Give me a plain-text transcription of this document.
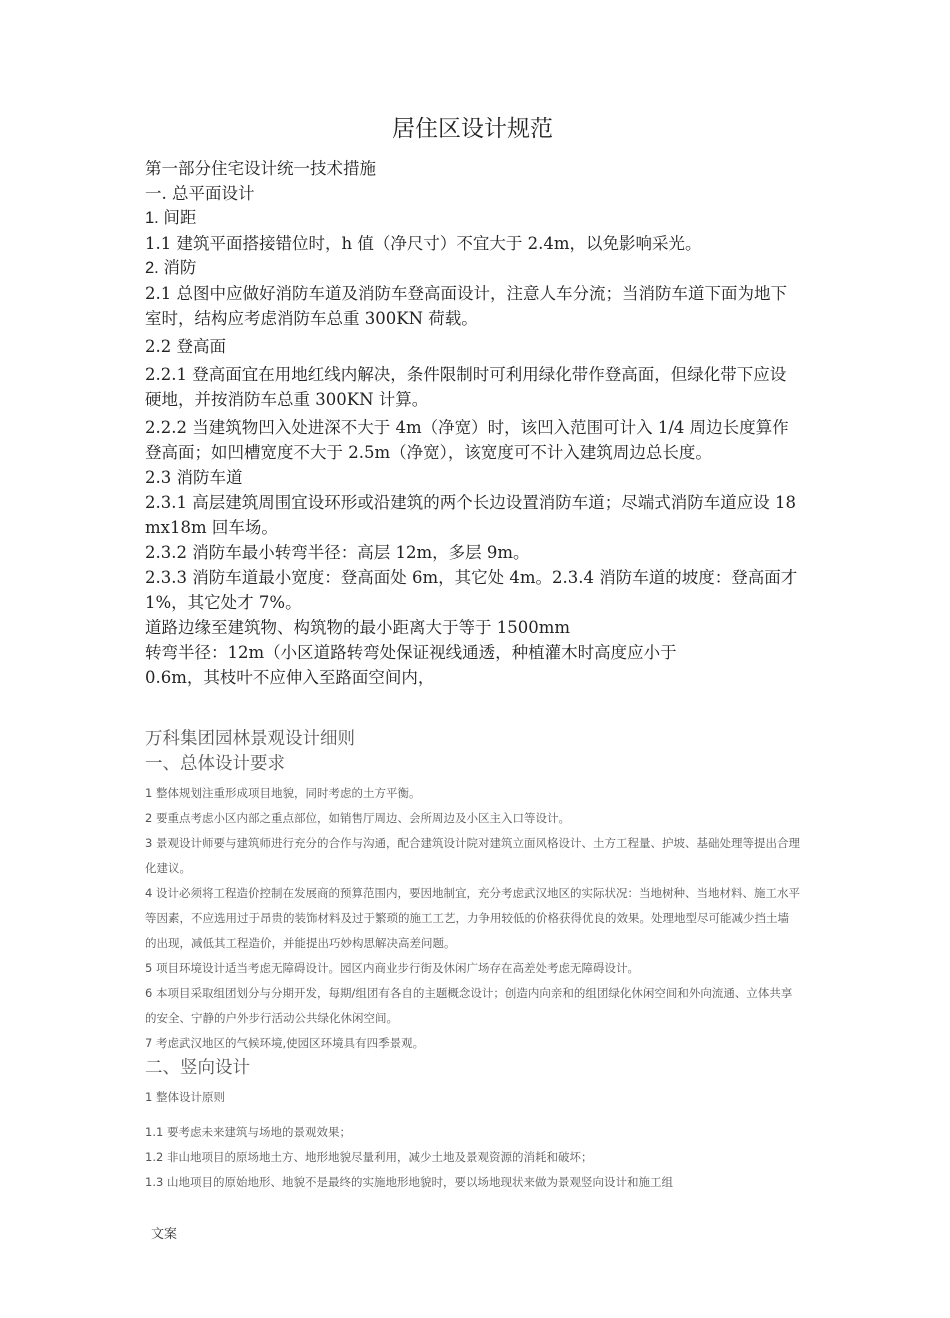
居住区设计规范

第一部分住宅设计统一技术措施

一. 总平面设计

1. 间距

1.1 建筑平面搭接错位时，h 值（净尺寸）不宜大于 2.4m，以免影响采光。

2. 消防

2.1 总图中应做好消防车道及消防车登高面设计，注意人车分流；当消防车道下面为地下室时，结构应考虑消防车总重 300KN 荷载。

2.2 登高面

2.2.1 登高面宜在用地红线内解决，条件限制时可利用绿化带作登高面，但绿化带下应设硬地，并按消防车总重 300KN 计算。

2.2.2 当建筑物凹入处进深不大于 4m（净宽）时，该凹入范围可计入 1/4 周边长度算作登高面；如凹槽宽度不大于 2.5m（净宽），该宽度可不计入建筑周边总长度。

2.3 消防车道

2.3.1 高层建筑周围宜设环形或沿建筑的两个长边设置消防车道；尽端式消防车道应设 18mx18m 回车场。

2.3.2 消防车最小转弯半径：高层 12m，多层 9m。

2.3.3 消防车道最小宽度：登高面处 6m，其它处 4m。2.3.4 消防车道的坡度：登高面才 1%，其它处才 7%。

道路边缘至建筑物、构筑物的最小距离大于等于 1500mm

转弯半径：12m（小区道路转弯处保证视线通透，种植灌木时高度应小于

0.6m，其枝叶不应伸入至路面空间内，

万科集团园林景观设计细则

一、总体设计要求

1 整体规划注重形成项目地貌，同时考虑的土方平衡。

2 要重点考虑小区内部之重点部位，如销售厅周边、会所周边及小区主入口等设计。

3 景观设计师要与建筑师进行充分的合作与沟通，配合建筑设计院对建筑立面风格设计、土方工程量、护坡、基础处理等提出合理化建议。

4 设计必须将工程造价控制在发展商的预算范围内，要因地制宜，充分考虑武汉地区的实际状况：当地树种、当地材料、施工水平等因素，不应选用过于昂贵的装饰材料及过于繁琐的施工工艺，力争用较低的价格获得优良的效果。处理地型尽可能减少挡土墙的出现，减低其工程造价，并能提出巧妙构思解决高差问题。

5 项目环境设计适当考虑无障碍设计。园区内商业步行街及休闲广场存在高差处考虑无障碍设计。

6 本项目采取组团划分与分期开发，每期/组团有各自的主题概念设计；创造内向亲和的组团绿化休闲空间和外向流通、立体共享的安全、宁静的户外步行活动公共绿化休闲空间。

7 考虑武汉地区的气候环境,使园区环境具有四季景观。

二、竖向设计

1 整体设计原则

1.1 要考虑未来建筑与场地的景观效果；

1.2 非山地项目的原场地土方、地形地貌尽量利用，减少土地及景观资源的消耗和破坏；

1.3 山地项目的原始地形、地貌不是最终的实施地形地貌时，要以场地现状来做为景观竖向设计和施工组

文案
